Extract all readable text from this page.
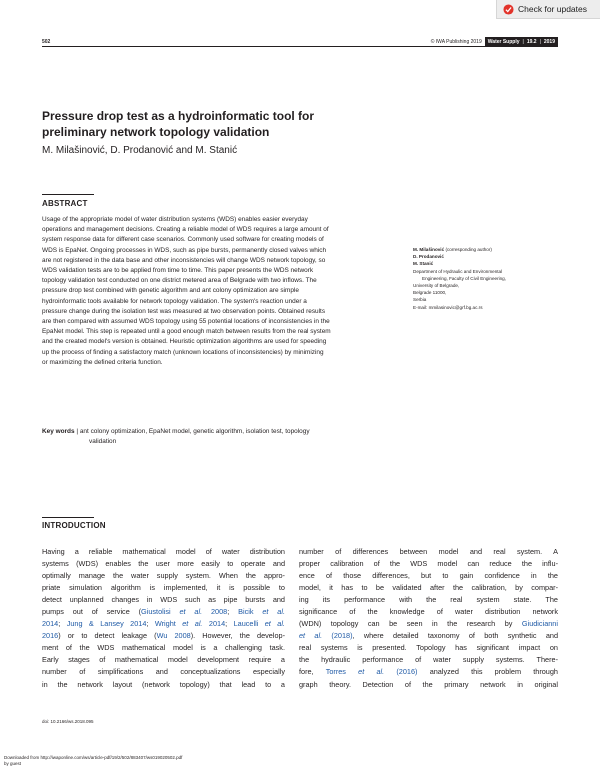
Check for updates
502	© IWA Publishing 2019 Water Supply | 19.2 | 2019
Pressure drop test as a hydroinformatic tool for
preliminary network topology validation
M. Milašinović, D. Prodanović and M. Stanić
ABSTRACT
Usage of the appropriate model of water distribution systems (WDS) enables easier everyday
operations and management decisions. Creating a reliable model of WDS requires a large amount of
system response data for different case scenarios. Commonly used software for creating models of
WDS is EpaNet. Ongoing processes in WDS, such as pipe bursts, permanently closed valves which
are not registered in the data base and other inconsistencies will change WDS network topology, so
WDS validation tests are to be applied from time to time. This paper presents the WDS network
topology validation test conducted on one district metered area of Belgrade with two inflows. The
pressure drop test combined with genetic algorithm and ant colony optimization are simple
hydroinformatic tools available for network topology validation. The system's reaction under a
pressure change during the isolation test was measured at two observation points. Obtained results
are then compared with assumed WDS topology using 55 potential locations of inconsistencies in the
EpaNet model. This step is repeated until a good enough match between results from the real system
and the created model's version is obtained. Heuristic optimization algorithms are used for speeding
up the process of finding a satisfactory match (unknown locations of inconsistencies) by minimizing
or maximizing the defined criteria function.
Key words | ant colony optimization, EpaNet model, genetic algorithm, isolation test, topology
validation
M. Milašinović (corresponding author)
D. Prodanović
M. Stanić
Department of Hydraulic and Environmental
Engineering, Faculty of Civil Engineering,
University of Belgrade,
Belgrade 11000,
Serbia
E-mail: mmilasinovic@grf.bg.ac.rs
INTRODUCTION
Having a reliable mathematical model of water distribution
systems (WDS) enables the user more easily to operate and
optimally manage the water supply system. When the appro-
priate simulation algorithm is implemented, it is possible to
detect unplanned changes in WDS such as pipe bursts and
pumps out of service (Giustolisi et al. 2008; Bicik et al.
2014; Jung & Lansey 2014; Wright et al. 2014; Laucelli et al.
2016) or to detect leakage (Wu 2008). However, the develop-
ment of the WDS mathematical model is a challenging task.
Early stages of mathematical model development require a
number of simplifications and conceptualizations especially
in the network layout (network topology) that lead to a
number of differences between model and real system. A
proper calibration of the WDS model can reduce the influ-
ence of those differences, but to gain confidence in the
model, it has to be validated after the calibration, by compar-
ing its performance with the real system state. The
significance of the knowledge of water distribution network
(WDN) topology can be seen in the research by Giudicianni
et al. (2018), where detailed taxonomy of both synthetic and
real systems is presented. Topology has significant impact on
the hydraulic performance of water supply systems. There-
fore, Torres et al. (2016) analyzed this problem through
graph theory. Detection of the primary network in original
doi: 10.2166/ws.2018.095
Downloaded from http://iwaponline.com/ws/article-pdf/19/2/502/883407/ws019020502.pdf
by guest
